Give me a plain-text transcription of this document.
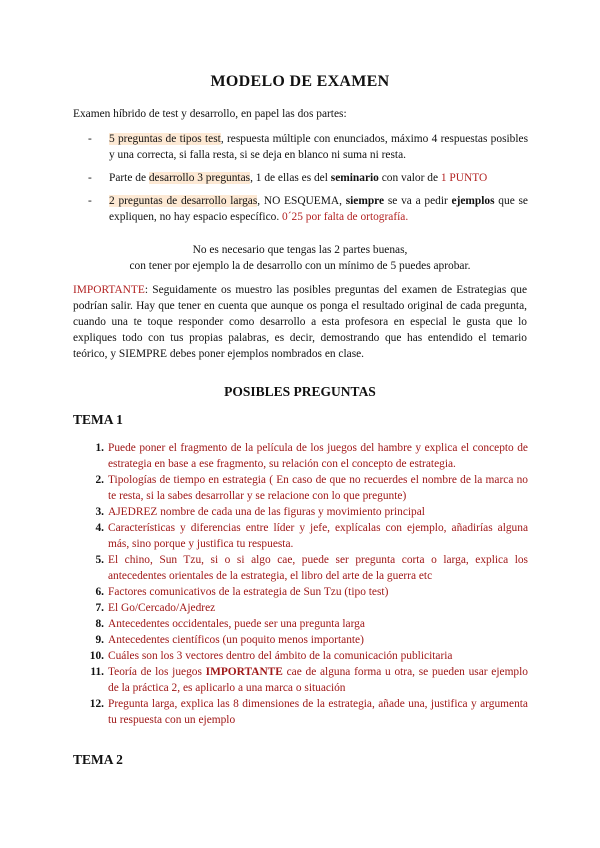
MODELO DE EXAMEN
Examen híbrido de test y desarrollo, en papel las dos partes:
- 5 preguntas de tipos test, respuesta múltiple con enunciados, máximo 4 respuestas posibles y una correcta, si falla resta, si se deja en blanco ni suma ni resta.
- Parte de desarrollo 3 preguntas, 1 de ellas es del seminario con valor de 1 PUNTO
- 2 preguntas de desarrollo largas, NO ESQUEMA, siempre se va a pedir ejemplos que se expliquen, no hay espacio específico. 0´25 por falta de ortografía.
No es necesario que tengas las 2 partes buenas,
con tener por ejemplo la de desarrollo con un mínimo de 5 puedes aprobar.
IMPORTANTE: Seguidamente os muestro las posibles preguntas del examen de Estrategias que podrían salir. Hay que tener en cuenta que aunque os ponga el resultado original de cada pregunta, cuando una te toque responder como desarrollo a esta profesora en especial le gusta que lo expliques todo con tus propias palabras, es decir, demostrando que has entendido el temario teórico, y SIEMPRE debes poner ejemplos nombrados en clase.
POSIBLES PREGUNTAS
TEMA 1
1. Puede poner el fragmento de la película de los juegos del hambre y explica el concepto de estrategia en base a ese fragmento, su relación con el concepto de estrategia.
2. Tipologías de tiempo en estrategia ( En caso de que no recuerdes el nombre de la marca no te resta, si la sabes desarrollar y se relacione con lo que pregunte)
3. AJEDREZ nombre de cada una de las figuras y movimiento principal
4. Características y diferencias entre líder y jefe, explícalas con ejemplo, añadirías alguna más, sino porque y justifica tu respuesta.
5. El chino, Sun Tzu, si o si algo cae, puede ser pregunta corta o larga, explica los antecedentes orientales de la estrategia, el libro del arte de la guerra etc
6. Factores comunicativos de la estrategia de Sun Tzu (tipo test)
7. El Go/Cercado/Ajedrez
8. Antecedentes occidentales, puede ser una pregunta larga
9. Antecedentes científicos (un poquito menos importante)
10. Cuáles son los 3 vectores dentro del ámbito de la comunicación publicitaria
11. Teoría de los juegos IMPORTANTE cae de alguna forma u otra, se pueden usar ejemplo de la práctica 2, es aplicarlo a una marca o situación
12. Pregunta larga, explica las 8 dimensiones de la estrategia, añade una, justifica y argumenta tu respuesta con un ejemplo
TEMA 2
